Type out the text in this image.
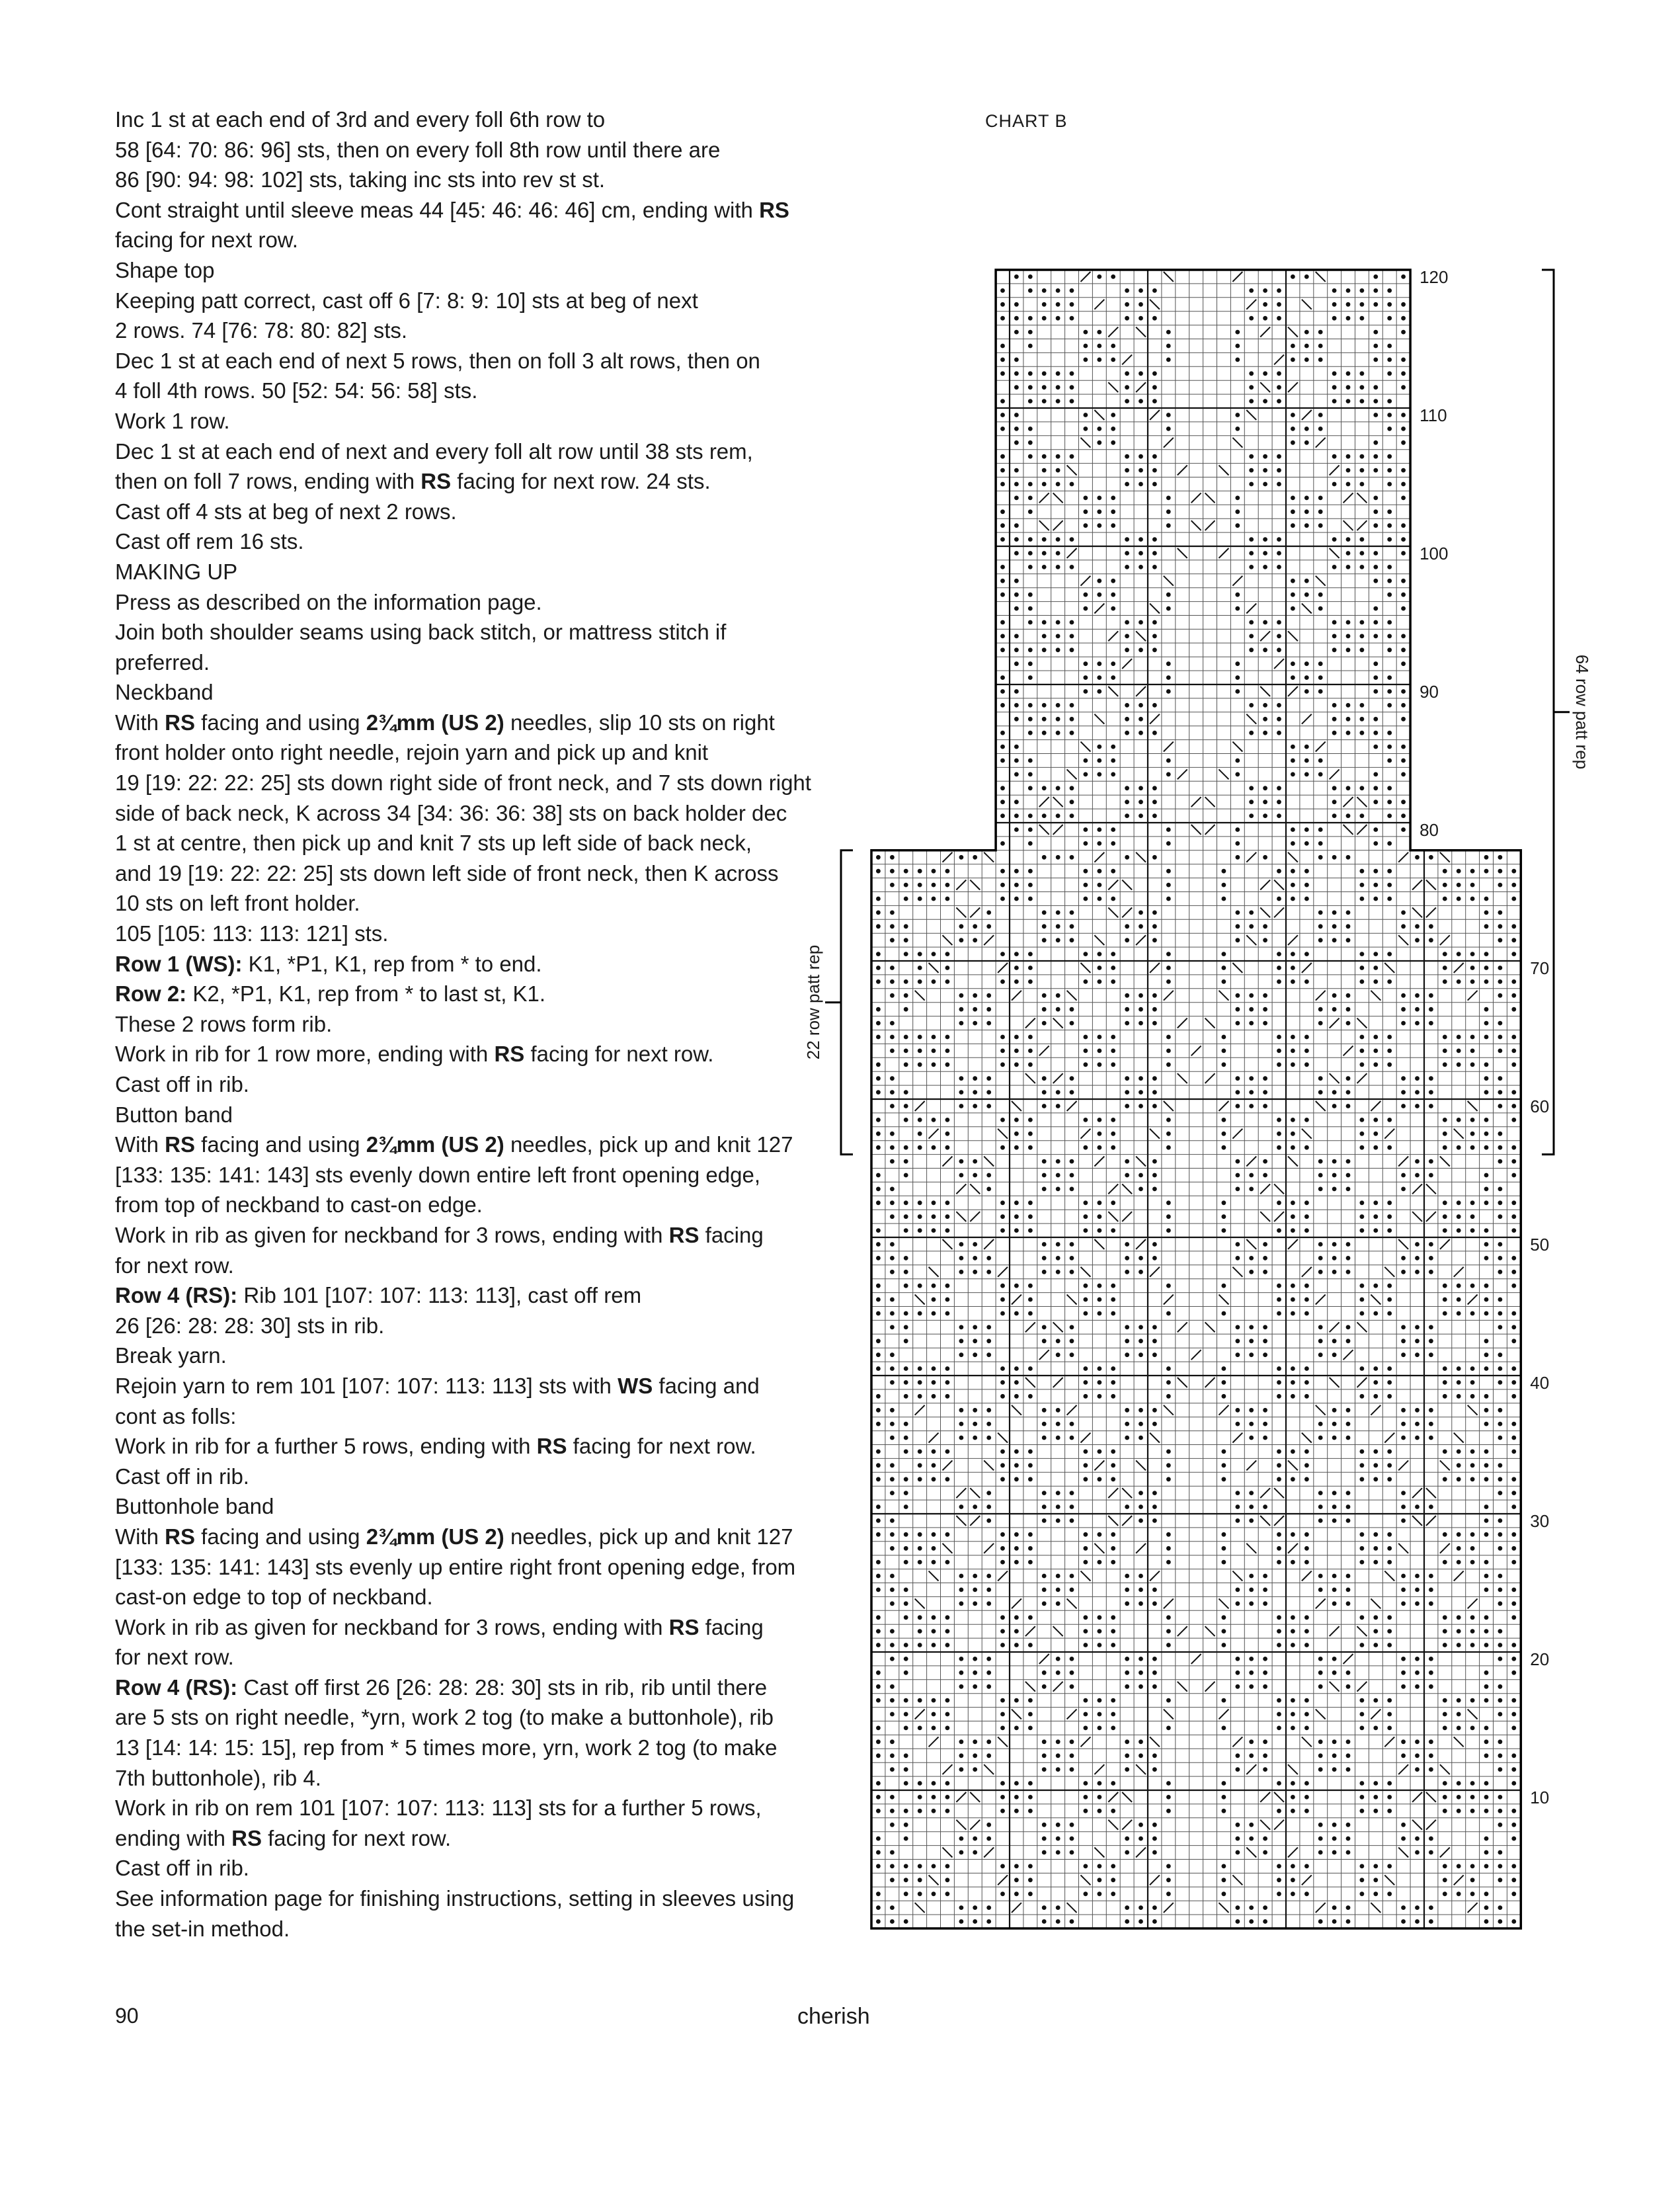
Inc 1 st at each end of 3rd and every foll 6th row to
58 [64: 70: 86: 96] sts, then on every foll 8th row until there are
86 [90: 94: 98: 102] sts, taking inc sts into rev st st.
Cont straight until sleeve meas 44 [45: 46: 46: 46] cm, ending with RS
facing for next row.
Shape top
Keeping patt correct, cast off 6 [7: 8: 9: 10] sts at beg of next
2 rows. 74 [76: 78: 80: 82] sts.
Dec 1 st at each end of next 5 rows, then on foll 3 alt rows, then on
4 foll 4th rows. 50 [52: 54: 56: 58] sts.
Work 1 row.
Dec 1 st at each end of next and every foll alt row until 38 sts rem,
then on foll 7 rows, ending with RS facing for next row. 24 sts.
Cast off 4 sts at beg of next 2 rows.
Cast off rem 16 sts.
MAKING UP
Press as described on the information page.
Join both shoulder seams using back stitch, or mattress stitch if
preferred.
Neckband
With RS facing and using 2¾mm (US 2) needles, slip 10 sts on right
front holder onto right needle, rejoin yarn and pick up and knit
19 [19: 22: 22: 25] sts down right side of front neck, and 7 sts down right
side of back neck, K across 34 [34: 36: 36: 38] sts on back holder dec
1 st at centre, then pick up and knit 7 sts up left side of back neck,
and 19 [19: 22: 22: 25] sts down left side of front neck, then K across
10 sts on left front holder.
105 [105: 113: 113: 121] sts.
Row 1 (WS): K1, *P1, K1, rep from * to end.
Row 2: K2, *P1, K1, rep from * to last st, K1.
These 2 rows form rib.
Work in rib for 1 row more, ending with RS facing for next row.
Cast off in rib.
Button band
With RS facing and using 2¾mm (US 2) needles, pick up and knit 127
[133: 135: 141: 143] sts evenly down entire left front opening edge,
from top of neckband to cast-on edge.
Work in rib as given for neckband for 3 rows, ending with RS facing
for next row.
Row 4 (RS): Rib 101 [107: 107: 113: 113], cast off rem
26 [26: 28: 28: 30] sts in rib.
Break yarn.
Rejoin yarn to rem 101 [107: 107: 113: 113] sts with WS facing and
cont as folls:
Work in rib for a further 5 rows, ending with RS facing for next row.
Cast off in rib.
Buttonhole band
With RS facing and using 2¾mm (US 2) needles, pick up and knit 127
[133: 135: 141: 143] sts evenly up entire right front opening edge, from
cast-on edge to top of neckband.
Work in rib as given for neckband for 3 rows, ending with RS facing
for next row.
Row 4 (RS): Cast off first 26 [26: 28: 28: 30] sts in rib, rib until there
are 5 sts on right needle, *yrn, work 2 tog (to make a buttonhole), rib
13 [14: 14: 15: 15], rep from * 5 times more, yrn, work 2 tog (to make
7th buttonhole), rib 4.
Work in rib on rem 101 [107: 107: 113: 113] sts for a further 5 rows,
ending with RS facing for next row.
Cast off in rib.
See information page for finishing instructions, setting in sleeves using
the set-in method.
CHART B
10
20
30
40
50
60
70
80
90
100
110
120
22 row patt rep
64 row patt rep
90	cherish
